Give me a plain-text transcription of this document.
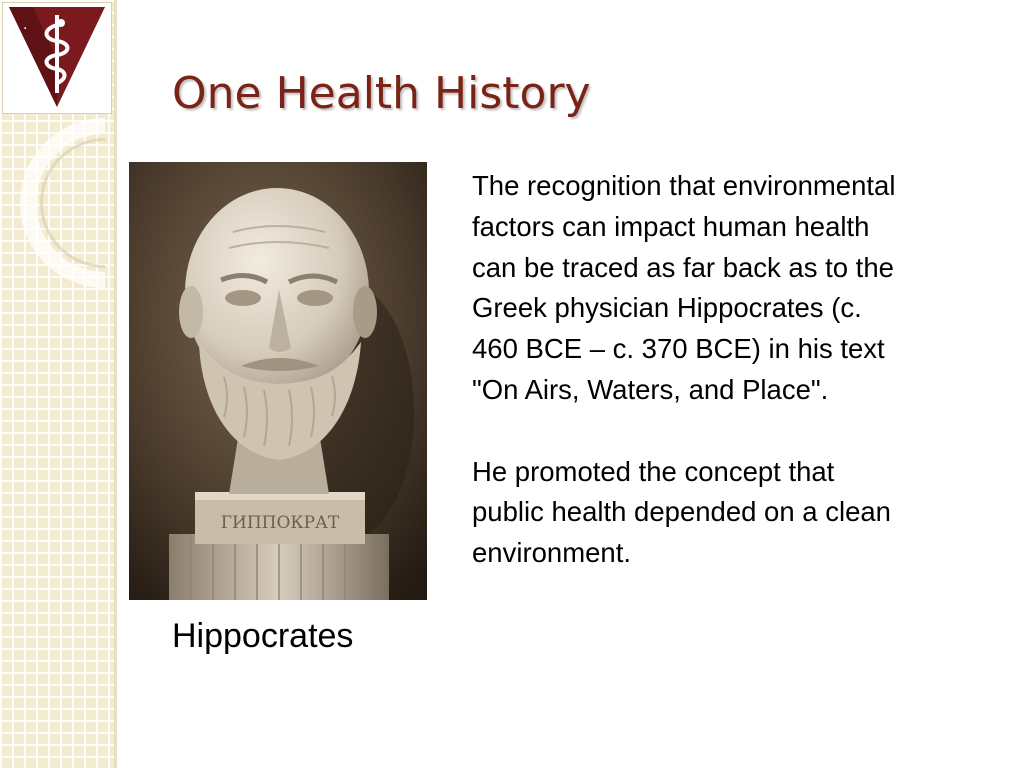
·
One Health History
ГИППОКРАТ
Hippocrates

The recognition that environmental
factors can impact human health
can be traced as far back as to the
Greek physician Hippocrates (c.
460 BCE – c. 370 BCE) in his text
"On Airs, Waters, and Place".

He promoted the concept that
public health depended on a clean
environment.
